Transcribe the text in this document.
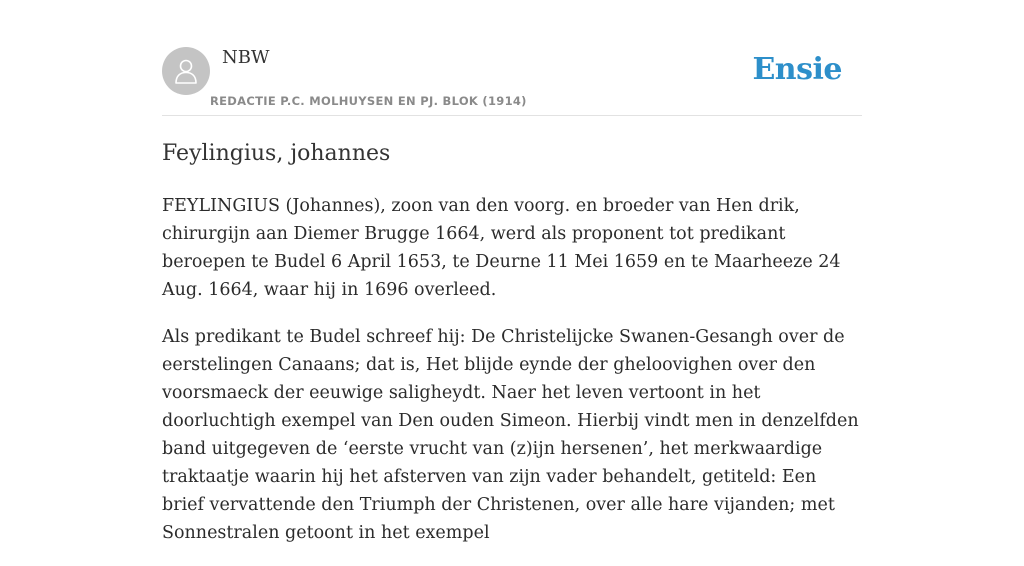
NBW
REDACTIE P.C. MOLHUYSEN EN PJ. BLOK (1914)
Ensie
Feylingius, johannes

FEYLINGIUS (Johannes), zoon van den voorg. en broeder van Hen drik, chirurgijn aan Diemer Brugge 1664, werd als proponent tot predikant beroepen te Budel 6 April 1653, te Deurne 11 Mei 1659 en te Maarheeze 24 Aug. 1664, waar hij in 1696 overleed.

Als predikant te Budel schreef hij: De Christelijcke Swanen-Gesangh over de eerstelingen Canaans; dat is, Het blijde eynde der gheloovighen over den voorsmaeck der eeuwige saligheydt. Naer het leven vertoont in het doorluchtigh exempel van Den ouden Simeon. Hierbij vindt men in denzelfden band uitgegeven de ‘eerste vrucht van (z)ijn hersenen’, het merkwaardige traktaatje waarin hij het afsterven van zijn vader behandelt, getiteld: Een brief vervattende den Triumph der Christenen, over alle hare vijanden; met Sonnestralen getoont in het exempel
